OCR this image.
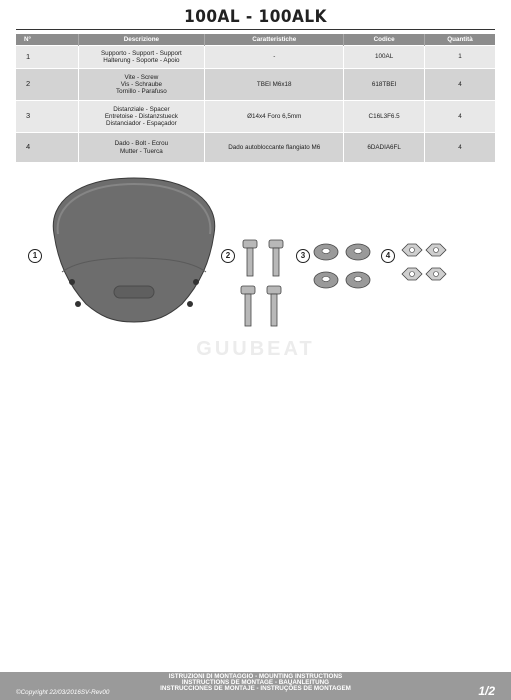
100AL - 100ALK
N°	Descrizione	Caratteristiche	Codice	Quantità
1	Supporto - Support - Support
Halterung - Soporte - Apoio	-	100AL	1
2	Vite - Screw
Vis - Schraube
Tornillo - Parafuso	TBEI M6x18	618TBEI	4
3	Distanziale - Spacer
Entretoise - Distanzstueck
Distanciador - Espaçador	Ø14x4 Foro 6,5mm	C16L3F6.5	4
4	Dado - Bolt - Ecrou
Mutter - Tuerca	Dado autobloccante flangiato M6	6DADIA6FL	4
1	2	3	4
GUUBEAT
ISTRUZIONI DI MONTAGGIO - MOUNTING INSTRUCTIONS
INSTRUCTIONS DE MONTAGE - BAUANLEITUNG
INSTRUCCIONES DE MONTAJE - INSTRUÇÕES DE MONTAGEM
©Copyright 22/03/2016SV-Rev00	1/2
